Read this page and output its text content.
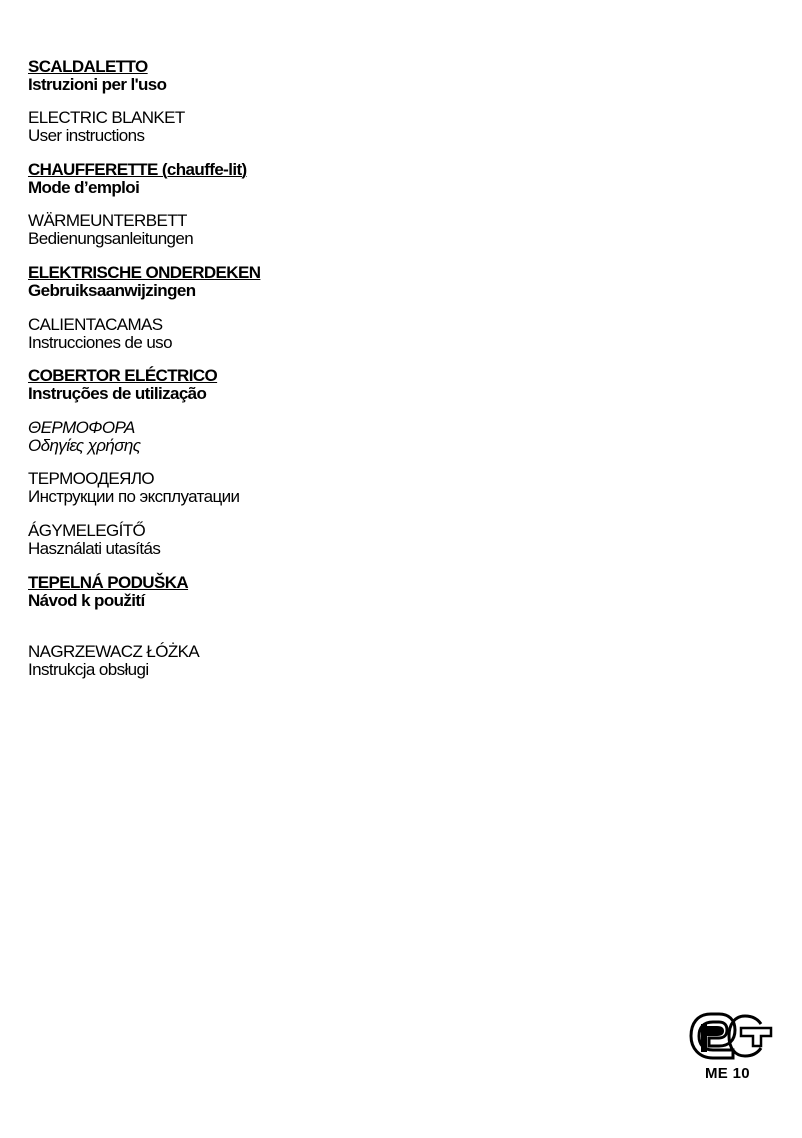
SCALDALETTO
Istruzioni per l'uso
ELECTRIC BLANKET
User instructions
CHAUFFERETTE (chauffe-lit)
Mode d’emploi
WÄRMEUNTERBETT
Bedienungsanleitungen
ELEKTRISCHE ONDERDEKEN
Gebruiksaanwijzingen
CALIENTACAMAS
Instrucciones de uso
COBERTOR ELÉCTRICO
Instruções de utilização
ΘΕΡΜΟΦΟΡΑ
Οδηγίες χρήσης
ТЕРМООДЕЯЛО
Инструкции по эксплуатации
ÁGYMELEGÍTŐ
Használati utasítás
TEPELNÁ PODUŠKA
Návod k použití
NAGRZEWACZ ŁÓŻKA
Instrukcja obsługi
ME 10
